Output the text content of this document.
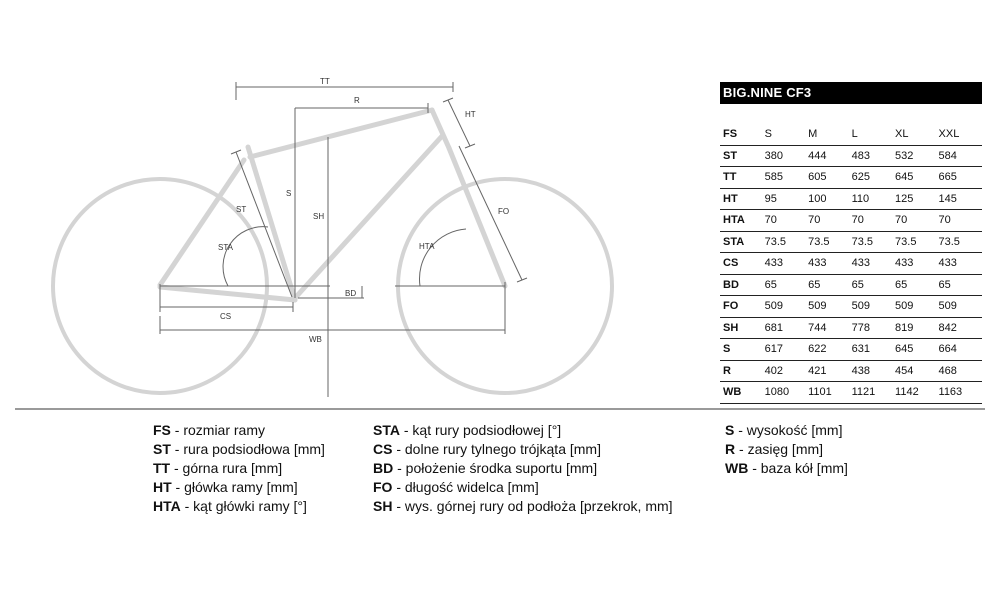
TT
R
HT
ST
S
SH
STA
FO
HTA
BD
CS
WB
BIG.NINE CF3
FS	S	M	L	XL	XXL
ST	380	444	483	532	584
TT	585	605	625	645	665
HT	95	100	110	125	145
HTA	70	70	70	70	70
STA	73.5	73.5	73.5	73.5	73.5
CS	433	433	433	433	433
BD	65	65	65	65	65
FO	509	509	509	509	509
SH	681	744	778	819	842
S	617	622	631	645	664
R	402	421	438	454	468
WB	1080	1101	1121	1142	1163
FS - rozmiar ramy
ST - rura podsiodłowa [mm]
TT - górna rura [mm]
HT - główka ramy [mm]
HTA - kąt główki ramy [°]
STA - kąt rury podsiodłowej [°]
CS - dolne rury tylnego trójkąta [mm]
BD - położenie środka suportu [mm]
FO - długość widelca [mm]
SH - wys. górnej rury od podłoża [przekrok, mm]
S - wysokość [mm]
R - zasięg [mm]
WB - baza kół [mm]
